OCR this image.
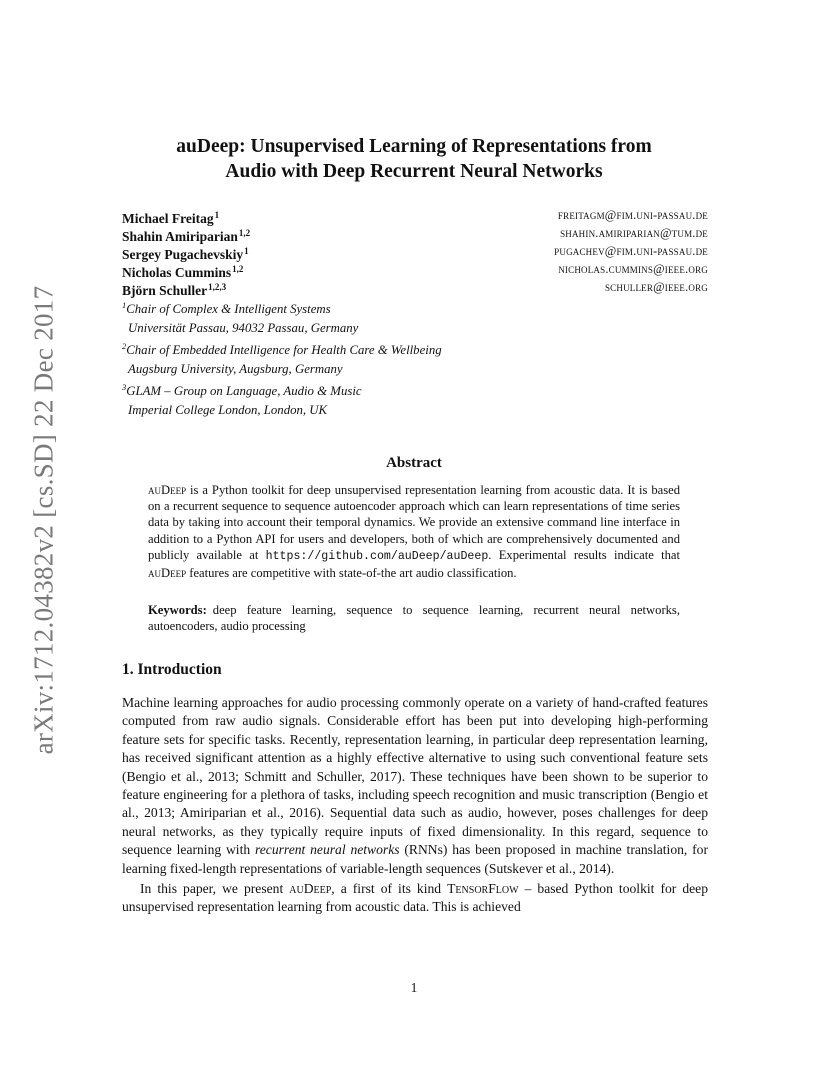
arXiv:1712.04382v2 [cs.SD] 22 Dec 2017
auDeep: Unsupervised Learning of Representations from
Audio with Deep Recurrent Neural Networks
Michael Freitag$^1$	freitagm@fim.uni-passau.de
Shahin Amiriparian$^{1,2}$	shahin.amiriparian@tum.de
Sergey Pugachevskiy$^1$	pugachev@fim.uni-passau.de
Nicholas Cummins$^{1,2}$	nicholas.cummins@ieee.org
Björn Schuller$^{1,2,3}$	schuller@ieee.org
$^1$Chair of Complex & Intelligent Systems
Universität Passau, 94032 Passau, Germany
$^2$Chair of Embedded Intelligence for Health Care & Wellbeing
Augsburg University, Augsburg, Germany
$^3$GLAM – Group on Language, Audio & Music
Imperial College London, London, UK
Abstract
auDeep is a Python toolkit for deep unsupervised representation learning from acoustic data. It is based on a recurrent sequence to sequence autoencoder approach which can learn representations of time series data by taking into account their temporal dynamics. We provide an extensive command line interface in addition to a Python API for users and developers, both of which are comprehensively documented and publicly available at https://github.com/auDeep/auDeep. Experimental results indicate that auDeep features are competitive with state-of-the art audio classification.
Keywords: deep feature learning, sequence to sequence learning, recurrent neural networks, autoencoders, audio processing
1. Introduction

Machine learning approaches for audio processing commonly operate on a variety of hand-crafted features computed from raw audio signals. Considerable effort has been put into developing high-performing feature sets for specific tasks. Recently, representation learning, in particular deep representation learning, has received significant attention as a highly effective alternative to using such conventional feature sets (Bengio et al., 2013; Schmitt and Schuller, 2017). These techniques have been shown to be superior to feature engineering for a plethora of tasks, including speech recognition and music transcription (Bengio et al., 2013; Amiriparian et al., 2016). Sequential data such as audio, however, poses challenges for deep neural networks, as they typically require inputs of fixed dimensionality. In this regard, sequence to sequence learning with recurrent neural networks (RNNs) has been proposed in machine translation, for learning fixed-length representations of variable-length sequences (Sutskever et al., 2014).

In this paper, we present auDeep, a first of its kind TensorFlow – based Python toolkit for deep unsupervised representation learning from acoustic data. This is achieved

1
